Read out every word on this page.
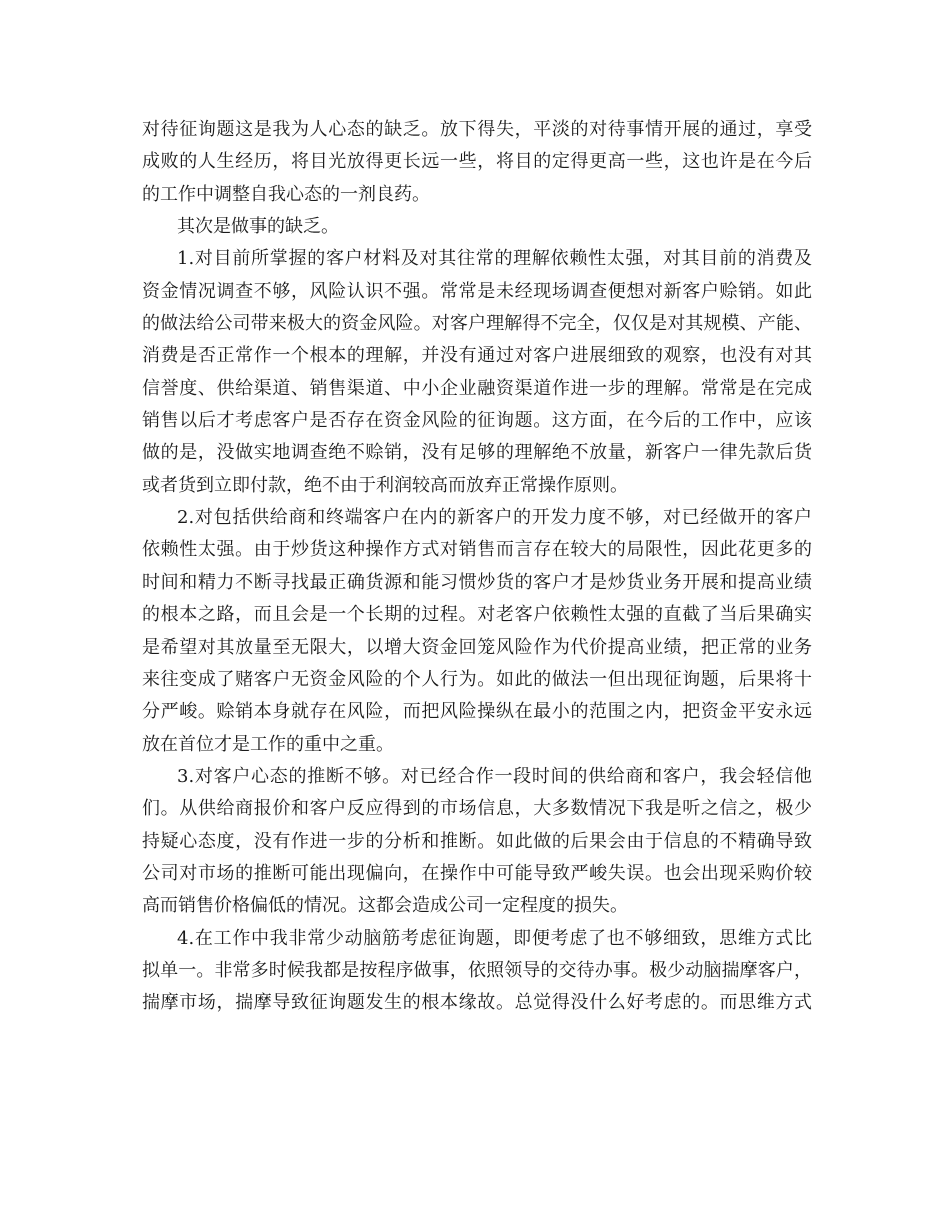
对待征询题这是我为人心态的缺乏。放下得失，平淡的对待事情开展的通过，享受
成败的人生经历，将目光放得更长远一些，将目的定得更高一些，这也许是在今后
的工作中调整自我心态的一剂良药。
其次是做事的缺乏。
1.对目前所掌握的客户材料及对其往常的理解依赖性太强，对其目前的消费及
资金情况调查不够，风险认识不强。常常是未经现场调查便想对新客户赊销。如此
的做法给公司带来极大的资金风险。对客户理解得不完全，仅仅是对其规模、产能、
消费是否正常作一个根本的理解，并没有通过对客户进展细致的观察，也没有对其
信誉度、供给渠道、销售渠道、中小企业融资渠道作进一步的理解。常常是在完成
销售以后才考虑客户是否存在资金风险的征询题。这方面，在今后的工作中，应该
做的是，没做实地调查绝不赊销，没有足够的理解绝不放量，新客户一律先款后货
或者货到立即付款，绝不由于利润较高而放弃正常操作原则。
2.对包括供给商和终端客户在内的新客户的开发力度不够，对已经做开的客户
依赖性太强。由于炒货这种操作方式对销售而言存在较大的局限性，因此花更多的
时间和精力不断寻找最正确货源和能习惯炒货的客户才是炒货业务开展和提高业绩
的根本之路，而且会是一个长期的过程。对老客户依赖性太强的直截了当后果确实
是希望对其放量至无限大，以增大资金回笼风险作为代价提高业绩，把正常的业务
来往变成了赌客户无资金风险的个人行为。如此的做法一但出现征询题，后果将十
分严峻。赊销本身就存在风险，而把风险操纵在最小的范围之内，把资金平安永远
放在首位才是工作的重中之重。
3.对客户心态的推断不够。对已经合作一段时间的供给商和客户，我会轻信他
们。从供给商报价和客户反应得到的市场信息，大多数情况下我是听之信之，极少
持疑心态度，没有作进一步的分析和推断。如此做的后果会由于信息的不精确导致
公司对市场的推断可能出现偏向，在操作中可能导致严峻失误。也会出现采购价较
高而销售价格偏低的情况。这都会造成公司一定程度的损失。
4.在工作中我非常少动脑筋考虑征询题，即便考虑了也不够细致，思维方式比
拟单一。非常多时候我都是按程序做事，依照领导的交待办事。极少动脑揣摩客户，
揣摩市场，揣摩导致征询题发生的根本缘故。总觉得没什么好考虑的。而思维方式
